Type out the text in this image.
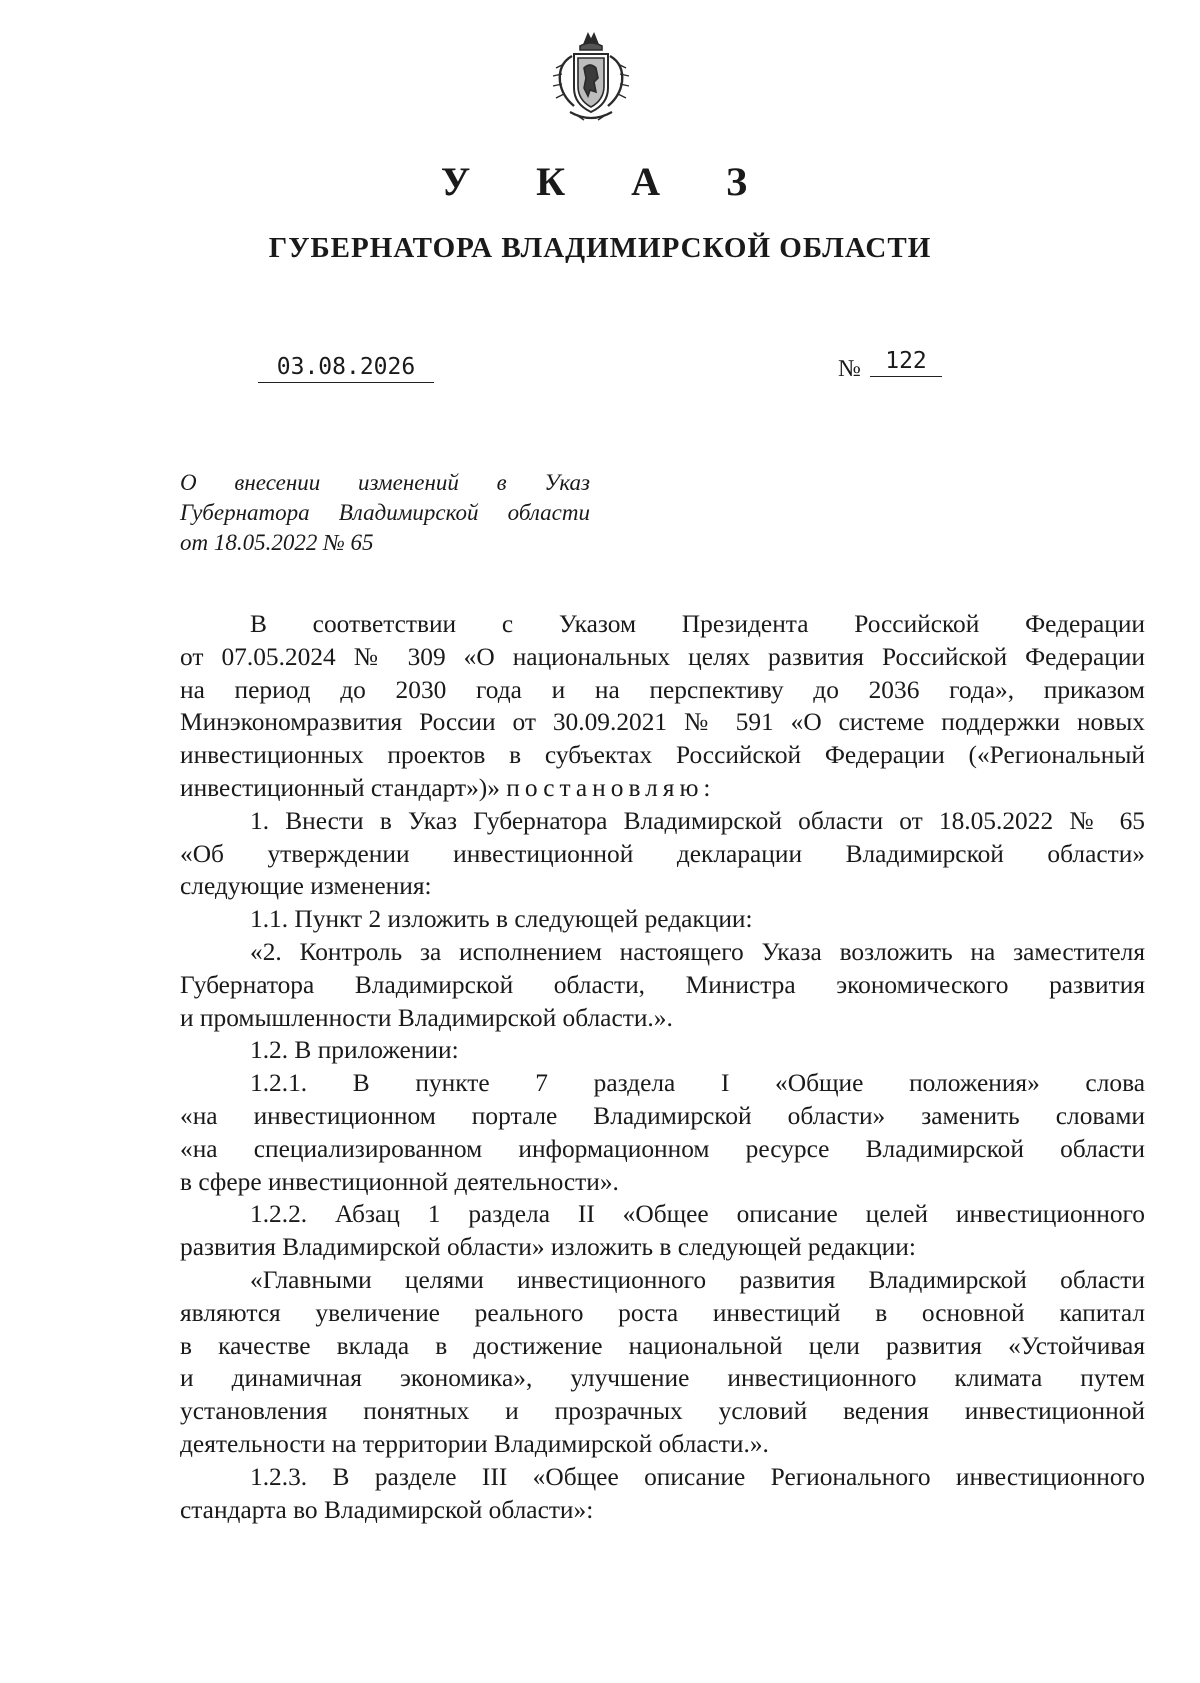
У К А З
ГУБЕРНАТОРА ВЛАДИМИРСКОЙ ОБЛАСТИ
03.08.2026	№	122
О внесении изменений в Указ
Губернатора Владимирской области
от 18.05.2022 № 65
В соответствии с Указом Президента Российской Федерации
от 07.05.2024 № 309 «О национальных целях развития Российской Федерации
на период до 2030 года и на перспективу до 2036 года», приказом
Минэкономразвития России от 30.09.2021 № 591 «О системе поддержки новых
инвестиционных проектов в субъектах Российской Федерации («Региональный
инвестиционный стандарт»)» постановляю:
1. Внести в Указ Губернатора Владимирской области от 18.05.2022 № 65
«Об утверждении инвестиционной декларации Владимирской области»
следующие изменения:
1.1. Пункт 2 изложить в следующей редакции:
«2. Контроль за исполнением настоящего Указа возложить на заместителя
Губернатора Владимирской области, Министра экономического развития
и промышленности Владимирской области.».
1.2. В приложении:
1.2.1. В пункте 7 раздела I «Общие положения» слова
«на инвестиционном портале Владимирской области» заменить словами
«на специализированном информационном ресурсе Владимирской области
в сфере инвестиционной деятельности».
1.2.2. Абзац 1 раздела II «Общее описание целей инвестиционного
развития Владимирской области» изложить в следующей редакции:
«Главными целями инвестиционного развития Владимирской области
являются увеличение реального роста инвестиций в основной капитал
в качестве вклада в достижение национальной цели развития «Устойчивая
и динамичная экономика», улучшение инвестиционного климата путем
установления понятных и прозрачных условий ведения инвестиционной
деятельности на территории Владимирской области.».
1.2.3. В разделе III «Общее описание Регионального инвестиционного
стандарта во Владимирской области»:
